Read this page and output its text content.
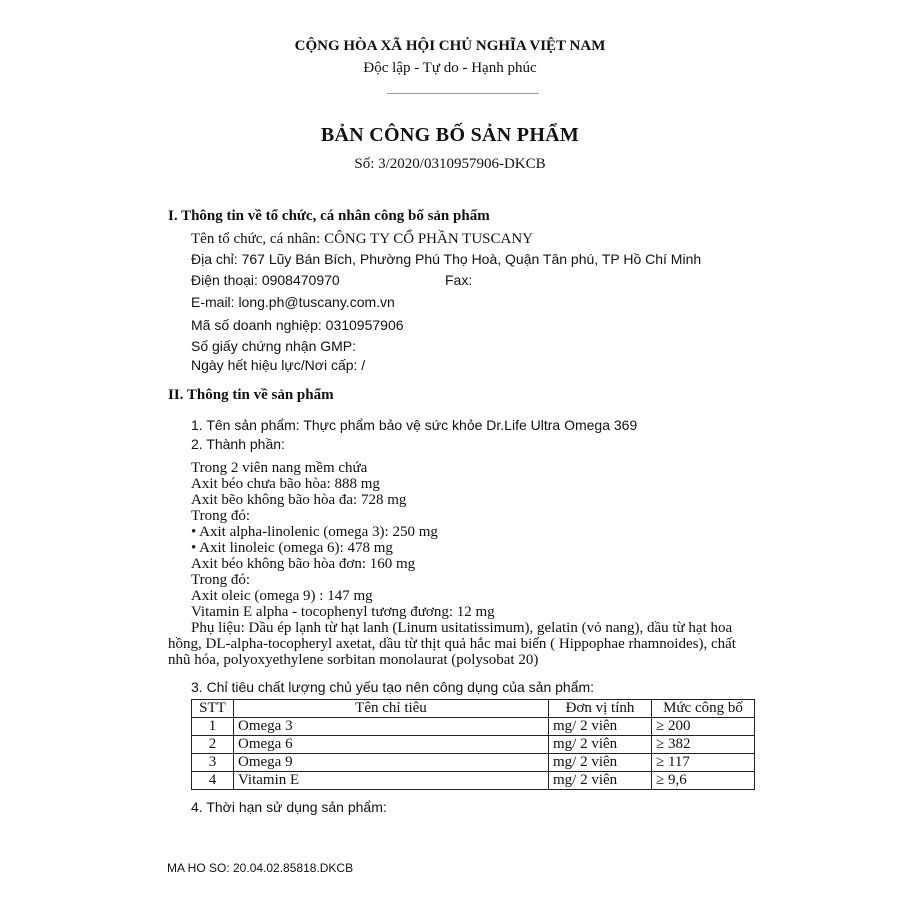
CỘNG HÒA XÃ HỘI CHỦ NGHĨA VIỆT NAM
Độc lập - Tự do - Hạnh phúc
BẢN CÔNG BỐ SẢN PHẨM
Số: 3/2020/0310957906-DKCB
I. Thông tin về tổ chức, cá nhân công bố sản phẩm
Tên tổ chức, cá nhân: CÔNG TY CỔ PHẦN TUSCANY
Địa chỉ: 767 Lũy Bán Bích, Phường Phú Thọ Hoà, Quận Tân phú, TP Hồ Chí Minh
Điện thoại: 0908470970	Fax:
E-mail: long.ph@tuscany.com.vn
Mã số doanh nghiệp: 0310957906
Số giấy chứng nhận GMP:
Ngày hết hiệu lực/Nơi cấp: /
II. Thông tin về sản phẩm
1. Tên sản phẩm: Thực phẩm bảo vệ sức khỏe Dr.Life Ultra Omega 369
2. Thành phần:
Trong 2 viên nang mềm chứa
Axit béo chưa bão hòa: 888 mg
Axit bẽo không bão hòa đa: 728 mg
Trong đó:
• Axit alpha-linolenic (omega 3): 250 mg
• Axit linoleic (omega 6): 478 mg
Axit béo không bão hòa đơn: 160 mg
Trong đó:
Axit oleic (omega 9) : 147 mg
Vitamin E alpha - tocophenyl tương đương: 12 mg
Phụ liệu: Dầu ép lạnh từ hạt lanh (Linum usitatissimum), gelatin (vỏ nang), dầu từ hạt hoa
hồng, DL-alpha-tocopheryl axetat, dầu từ thịt quả hắc mai biển ( Hippophae rhamnoides), chất
nhũ hóa, polyoxyethylene sorbitan monolaurat (polysobat 20)
3. Chỉ tiêu chất lượng chủ yếu tạo nên công dụng của sản phẩm:
STT	Tên chỉ tiêu	Đơn vị tính	Mức công bố
1	Omega 3	mg/ 2 viên	≥ 200
2	Omega 6	mg/ 2 viên	≥ 382
3	Omega 9	mg/ 2 viên	≥ 117
4	Vitamin E	mg/ 2 viên	≥ 9,6
4. Thời hạn sử dụng sản phẩm:
MA HO SO: 20.04.02.85818.DKCB
